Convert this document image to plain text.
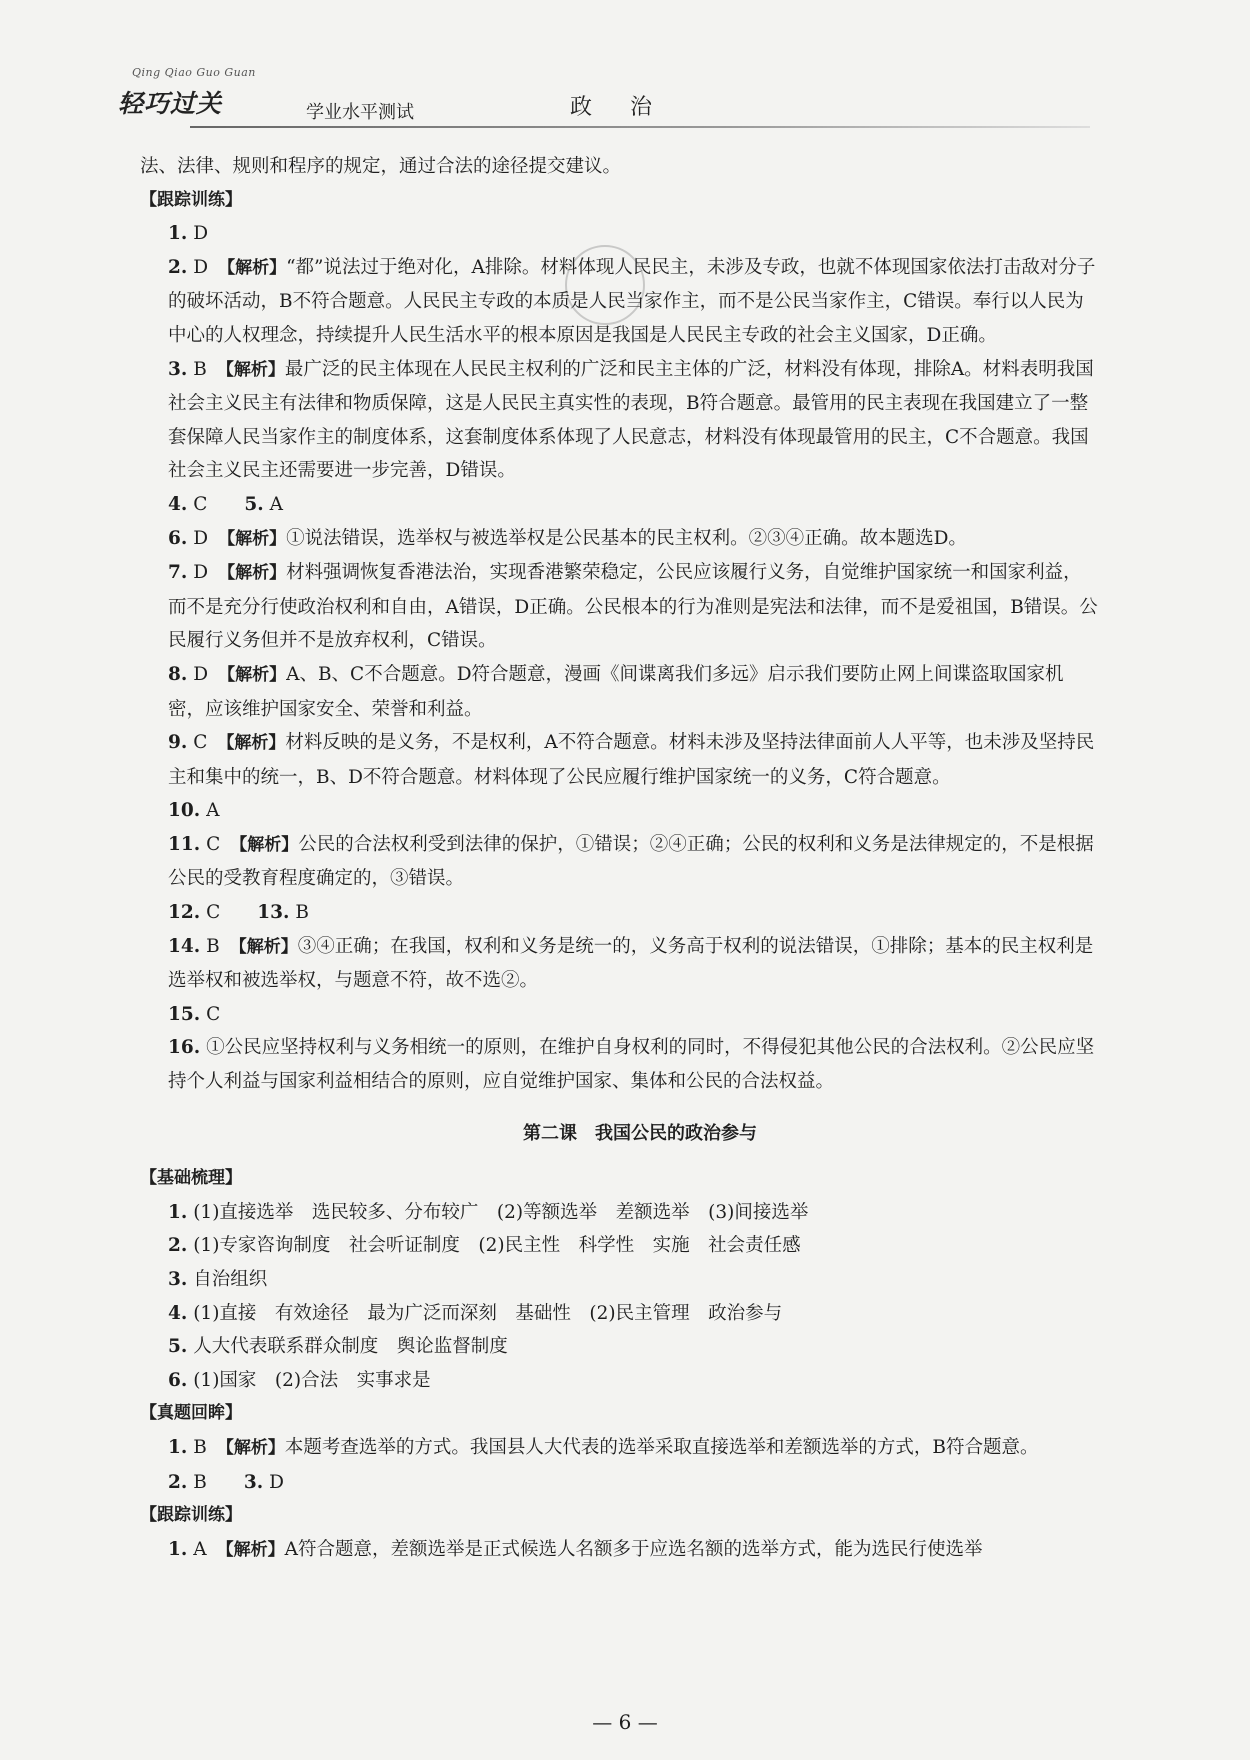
Qing Qiao Guo Guan
轻巧过关	学业水平测试	政治

法、法律、规则和程序的规定，通过合法的途径提交建议。

【跟踪训练】

1. D　

2. D　 【解析】“都”说法过于绝对化，A排除。材料体现人民民主，未涉及专政，也就不体现国家依法打击敌对分子的破坏活动，B不符合题意。人民民主专政的本质是人民当家作主，而不是公民当家作主，C错误。奉行以人民为中心的人权理念，持续提升人民生活水平的根本原因是我国是人民民主专政的社会主义国家，D正确。

3. B　 【解析】最广泛的民主体现在人民民主权利的广泛和民主主体的广泛，材料没有体现，排除A。材料表明我国社会主义民主有法律和物质保障，这是人民民主真实性的表现，B符合题意。最管用的民主表现在我国建立了一整套保障人民当家作主的制度体系，这套制度体系体现了人民意志，材料没有体现最管用的民主，C不合题意。我国社会主义民主还需要进一步完善，D错误。

4. C　　 5. A

6. D　 【解析】①说法错误，选举权与被选举权是公民基本的民主权利。②③④正确。故本题选D。

7. D　 【解析】材料强调恢复香港法治，实现香港繁荣稳定，公民应该履行义务，自觉维护国家统一和国家利益，而不是充分行使政治权利和自由，A错误，D正确。公民根本的行为准则是宪法和法律，而不是爱祖国，B错误。公民履行义务但并不是放弃权利，C错误。

8. D　 【解析】A、B、C不合题意。D符合题意，漫画《间谍离我们多远》启示我们要防止网上间谍盗取国家机密，应该维护国家安全、荣誉和利益。

9. C　 【解析】材料反映的是义务，不是权利，A不符合题意。材料未涉及坚持法律面前人人平等，也未涉及坚持民主和集中的统一，B、D不符合题意。材料体现了公民应履行维护国家统一的义务，C符合题意。

10. A　

11. C　 【解析】公民的合法权利受到法律的保护，①错误；②④正确；公民的权利和义务是法律规定的，不是根据公民的受教育程度确定的，③错误。

12. C　　 13. B

14. B　 【解析】③④正确；在我国，权利和义务是统一的，义务高于权利的说法错误，①排除；基本的民主权利是选举权和被选举权，与题意不符，故不选②。

15. C　

16. ①公民应坚持权利与义务相统一的原则，在维护自身权利的同时，不得侵犯其他公民的合法权利。②公民应坚持个人利益与国家利益相结合的原则，应自觉维护国家、集体和公民的合法权益。

第二课　我国公民的政治参与

【基础梳理】

1. (1)直接选举　选民较多、分布较广　(2)等额选举　差额选举　(3)间接选举

2. (1)专家咨询制度　社会听证制度　(2)民主性　科学性　实施　社会责任感

3. 自治组织

4. (1)直接　有效途径　最为广泛而深刻　基础性　(2)民主管理　政治参与

5. 人大代表联系群众制度　舆论监督制度

6. (1)国家　(2)合法　实事求是

【真题回眸】

1. B　 【解析】本题考查选举的方式。我国县人大代表的选举采取直接选举和差额选举的方式，B符合题意。

2. B　　 3. D

【跟踪训练】

1. A　 【解析】A符合题意，差额选举是正式候选人名额多于应选名额的选举方式，能为选民行使选举

— 6 —
